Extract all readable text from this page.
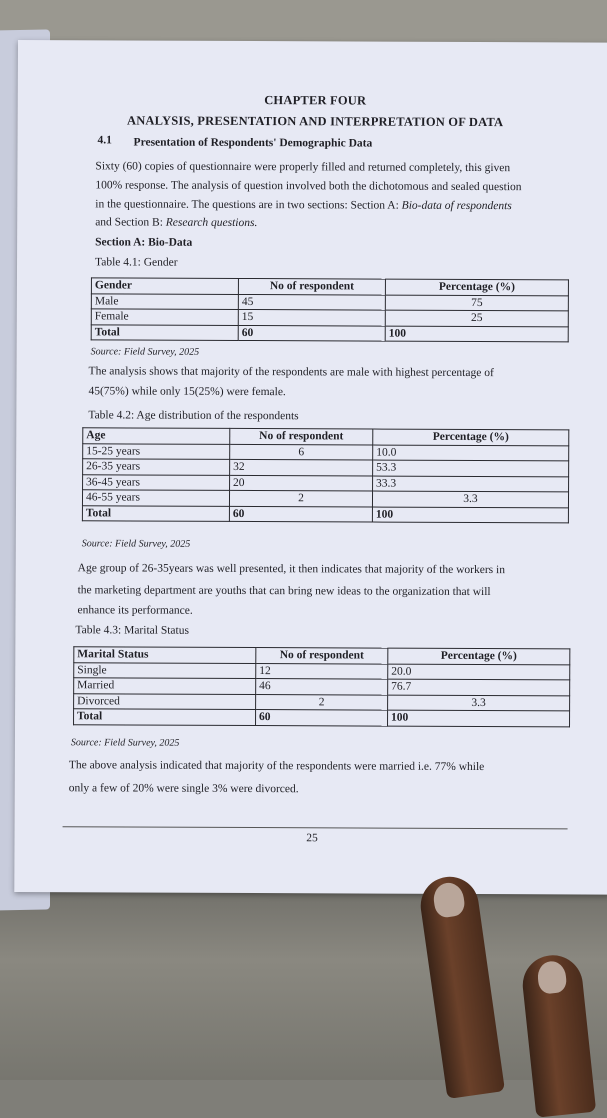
CHAPTER FOUR
ANALYSIS, PRESENTATION AND INTERPRETATION OF DATA
4.1 Presentation of Respondents' Demographic Data
Sixty (60) copies of questionnaire were properly filled and returned completely, this given
100% response. The analysis of question involved both the dichotomous and sealed question
in the questionnaire. The questions are in two sections: Section A: Bio-data of respondents
and Section B: Research questions.
Section A: Bio-Data
Table 4.1: Gender
Gender	No of respondent	Percentage (%)
Male	45	75
Female	15	25
Total	60	100
Source: Field Survey, 2025
The analysis shows that majority of the respondents are male with highest percentage of
45(75%) while only 15(25%) were female.
Table 4.2: Age distribution of the respondents
Age	No of respondent	Percentage (%)
15-25 years	6	10.0
26-35 years	32	53.3
36-45 years	20	33.3
46-55 years	2	3.3
Total	60	100
Source: Field Survey, 2025
Age group of 26-35years was well presented, it then indicates that majority of the workers in
the marketing department are youths that can bring new ideas to the organization that will
enhance its performance.
Table 4.3: Marital Status
Marital Status	No of respondent	Percentage (%)
Single	12	20.0
Married	46	76.7
Divorced	2	3.3
Total	60	100
Source: Field Survey, 2025
The above analysis indicated that majority of the respondents were married i.e. 77% while
only a few of 20% were single 3% were divorced.
25
